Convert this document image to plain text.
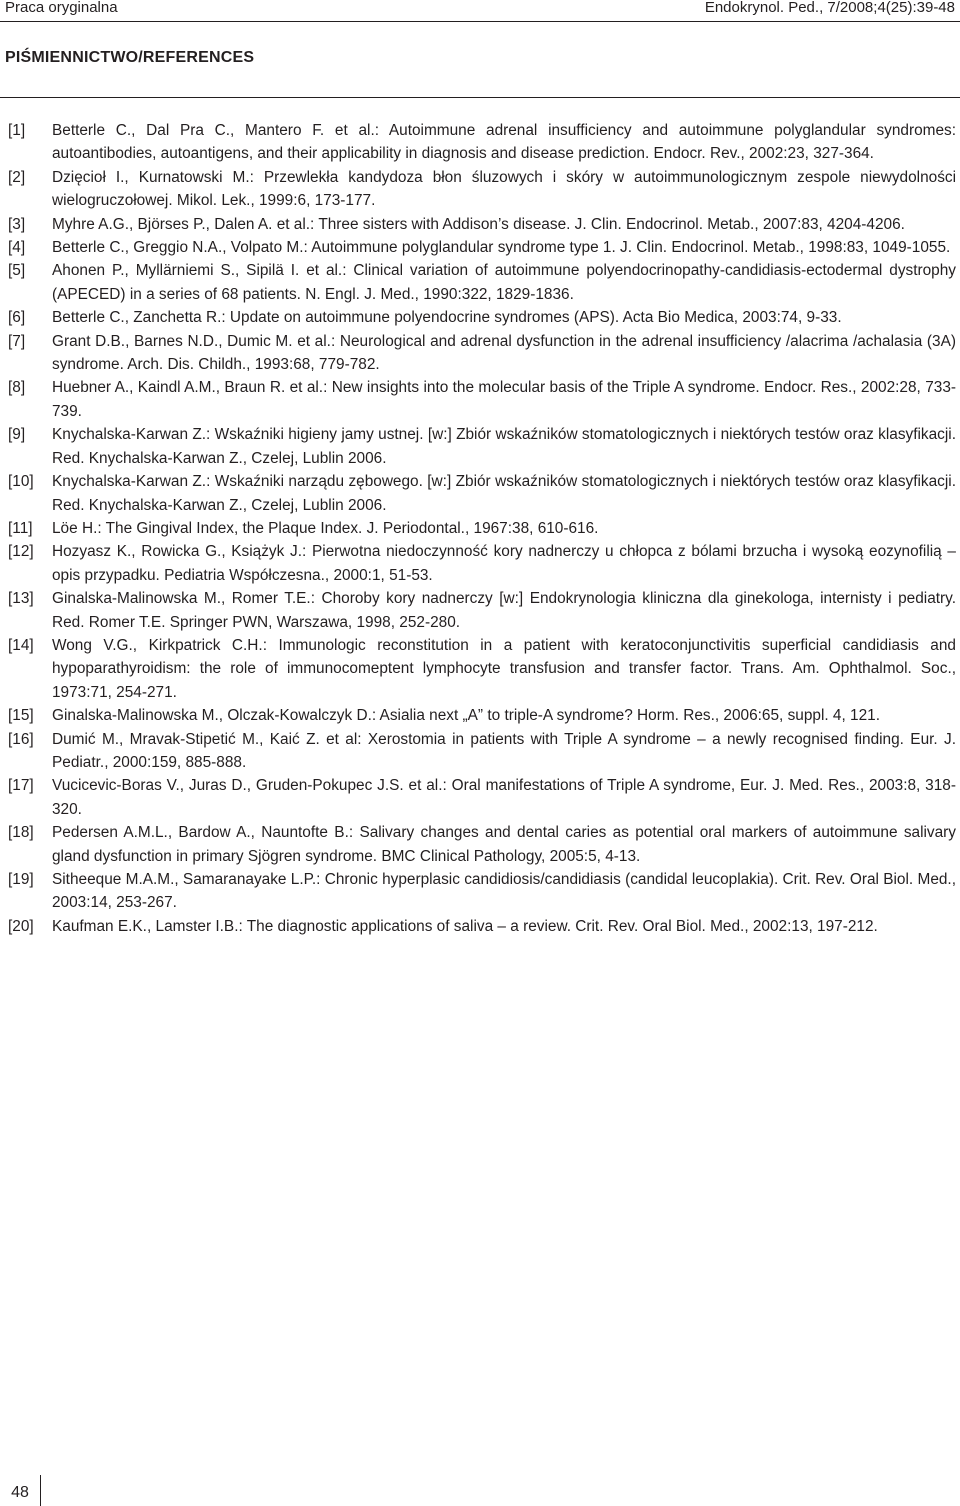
Praca oryginalna	Endokrynol. Ped., 7/2008;4(25):39-48
PIŚMIENNICTWO/REFERENCES
[1]	Betterle C., Dal Pra C., Mantero F. et al.: Autoimmune adrenal insufficiency and autoimmune polyglandular syndromes: autoantibodies, autoantigens, and their applicability in diagnosis and disease prediction. Endocr. Rev., 2002:23, 327-364.
[2]	Dzięcioł I., Kurnatowski M.: Przewlekła kandydoza błon śluzowych i skóry w autoimmunologicznym zespole niewydolności wielogruczołowej. Mikol. Lek., 1999:6, 173-177.
[3]	Myhre A.G., Björses P., Dalen A. et al.: Three sisters with Addison’s disease. J. Clin. Endocrinol. Metab., 2007:83, 4204-4206.
[4]	Betterle C., Greggio N.A., Volpato M.: Autoimmune polyglandular syndrome type 1. J. Clin. Endocrinol. Metab., 1998:83, 1049-1055.
[5]	Ahonen P., Myllärniemi S., Sipilä I. et al.: Clinical variation of autoimmune polyendocrinopathy-candidiasis-ectodermal dystrophy (APECED) in a series of 68 patients. N. Engl. J. Med., 1990:322, 1829-1836.
[6]	Betterle C., Zanchetta R.: Update on autoimmune polyendocrine syndromes (APS). Acta Bio Medica, 2003:74, 9-33.
[7]	Grant D.B., Barnes N.D., Dumic M. et al.: Neurological and adrenal dysfunction in the adrenal insufficiency /alacrima /achalasia (3A) syndrome. Arch. Dis. Childh., 1993:68, 779-782.
[8]	Huebner A., Kaindl A.M., Braun R. et al.: New insights into the molecular basis of the Triple A syndrome. Endocr. Res., 2002:28, 733-739.
[9]	Knychalska-Karwan Z.: Wskaźniki higieny jamy ustnej. [w:] Zbiór wskaźników stomatologicznych i niektórych testów oraz klasyfikacji. Red. Knychalska-Karwan Z., Czelej, Lublin 2006.
[10]	Knychalska-Karwan Z.: Wskaźniki narządu zębowego. [w:] Zbiór wskaźników stomatologicznych i niektórych testów oraz klasyfikacji. Red. Knychalska-Karwan Z., Czelej, Lublin 2006.
[11]	Löe H.: The Gingival Index, the Plaque Index. J. Periodontal., 1967:38, 610-616.
[12]	Hozyasz K., Rowicka G., Książyk J.: Pierwotna niedoczynność kory nadnerczy u chłopca z bólami brzucha i wysoką eozynofilią – opis przypadku. Pediatria Współczesna., 2000:1, 51-53.
[13]	Ginalska-Malinowska M., Romer T.E.: Choroby kory nadnerczy [w:] Endokrynologia kliniczna dla ginekologa, internisty i pediatry. Red. Romer T.E. Springer PWN, Warszawa, 1998, 252-280.
[14]	Wong V.G., Kirkpatrick C.H.: Immunologic reconstitution in a patient with keratoconjunctivitis superficial candidiasis and hypoparathyroidism: the role of immunocomeptent lymphocyte transfusion and transfer factor. Trans. Am. Ophthalmol. Soc., 1973:71, 254-271.
[15]	Ginalska-Malinowska M., Olczak-Kowalczyk D.: Asialia next „A” to triple-A syndrome? Horm. Res., 2006:65, suppl. 4, 121.
[16]	Dumić M., Mravak-Stipetić M., Kaić Z. et al: Xerostomia in patients with Triple A syndrome – a newly recognised finding. Eur. J. Pediatr., 2000:159, 885-888.
[17]	Vucicevic-Boras V., Juras D., Gruden-Pokupec J.S. et al.: Oral manifestations of Triple A syndrome, Eur. J. Med. Res., 2003:8, 318-320.
[18]	Pedersen A.M.L., Bardow A., Nauntofte B.: Salivary changes and dental caries as potential oral markers of autoimmune salivary gland dysfunction in primary Sjögren syndrome. BMC Clinical Pathology, 2005:5, 4-13.
[19]	Sitheeque M.A.M., Samaranayake L.P.: Chronic hyperplasic candidiosis/candidiasis (candidal leucoplakia). Crit. Rev. Oral Biol. Med., 2003:14, 253-267.
[20]	Kaufman E.K., Lamster I.B.: The diagnostic applications of saliva – a review. Crit. Rev. Oral Biol. Med., 2002:13, 197-212.
48
